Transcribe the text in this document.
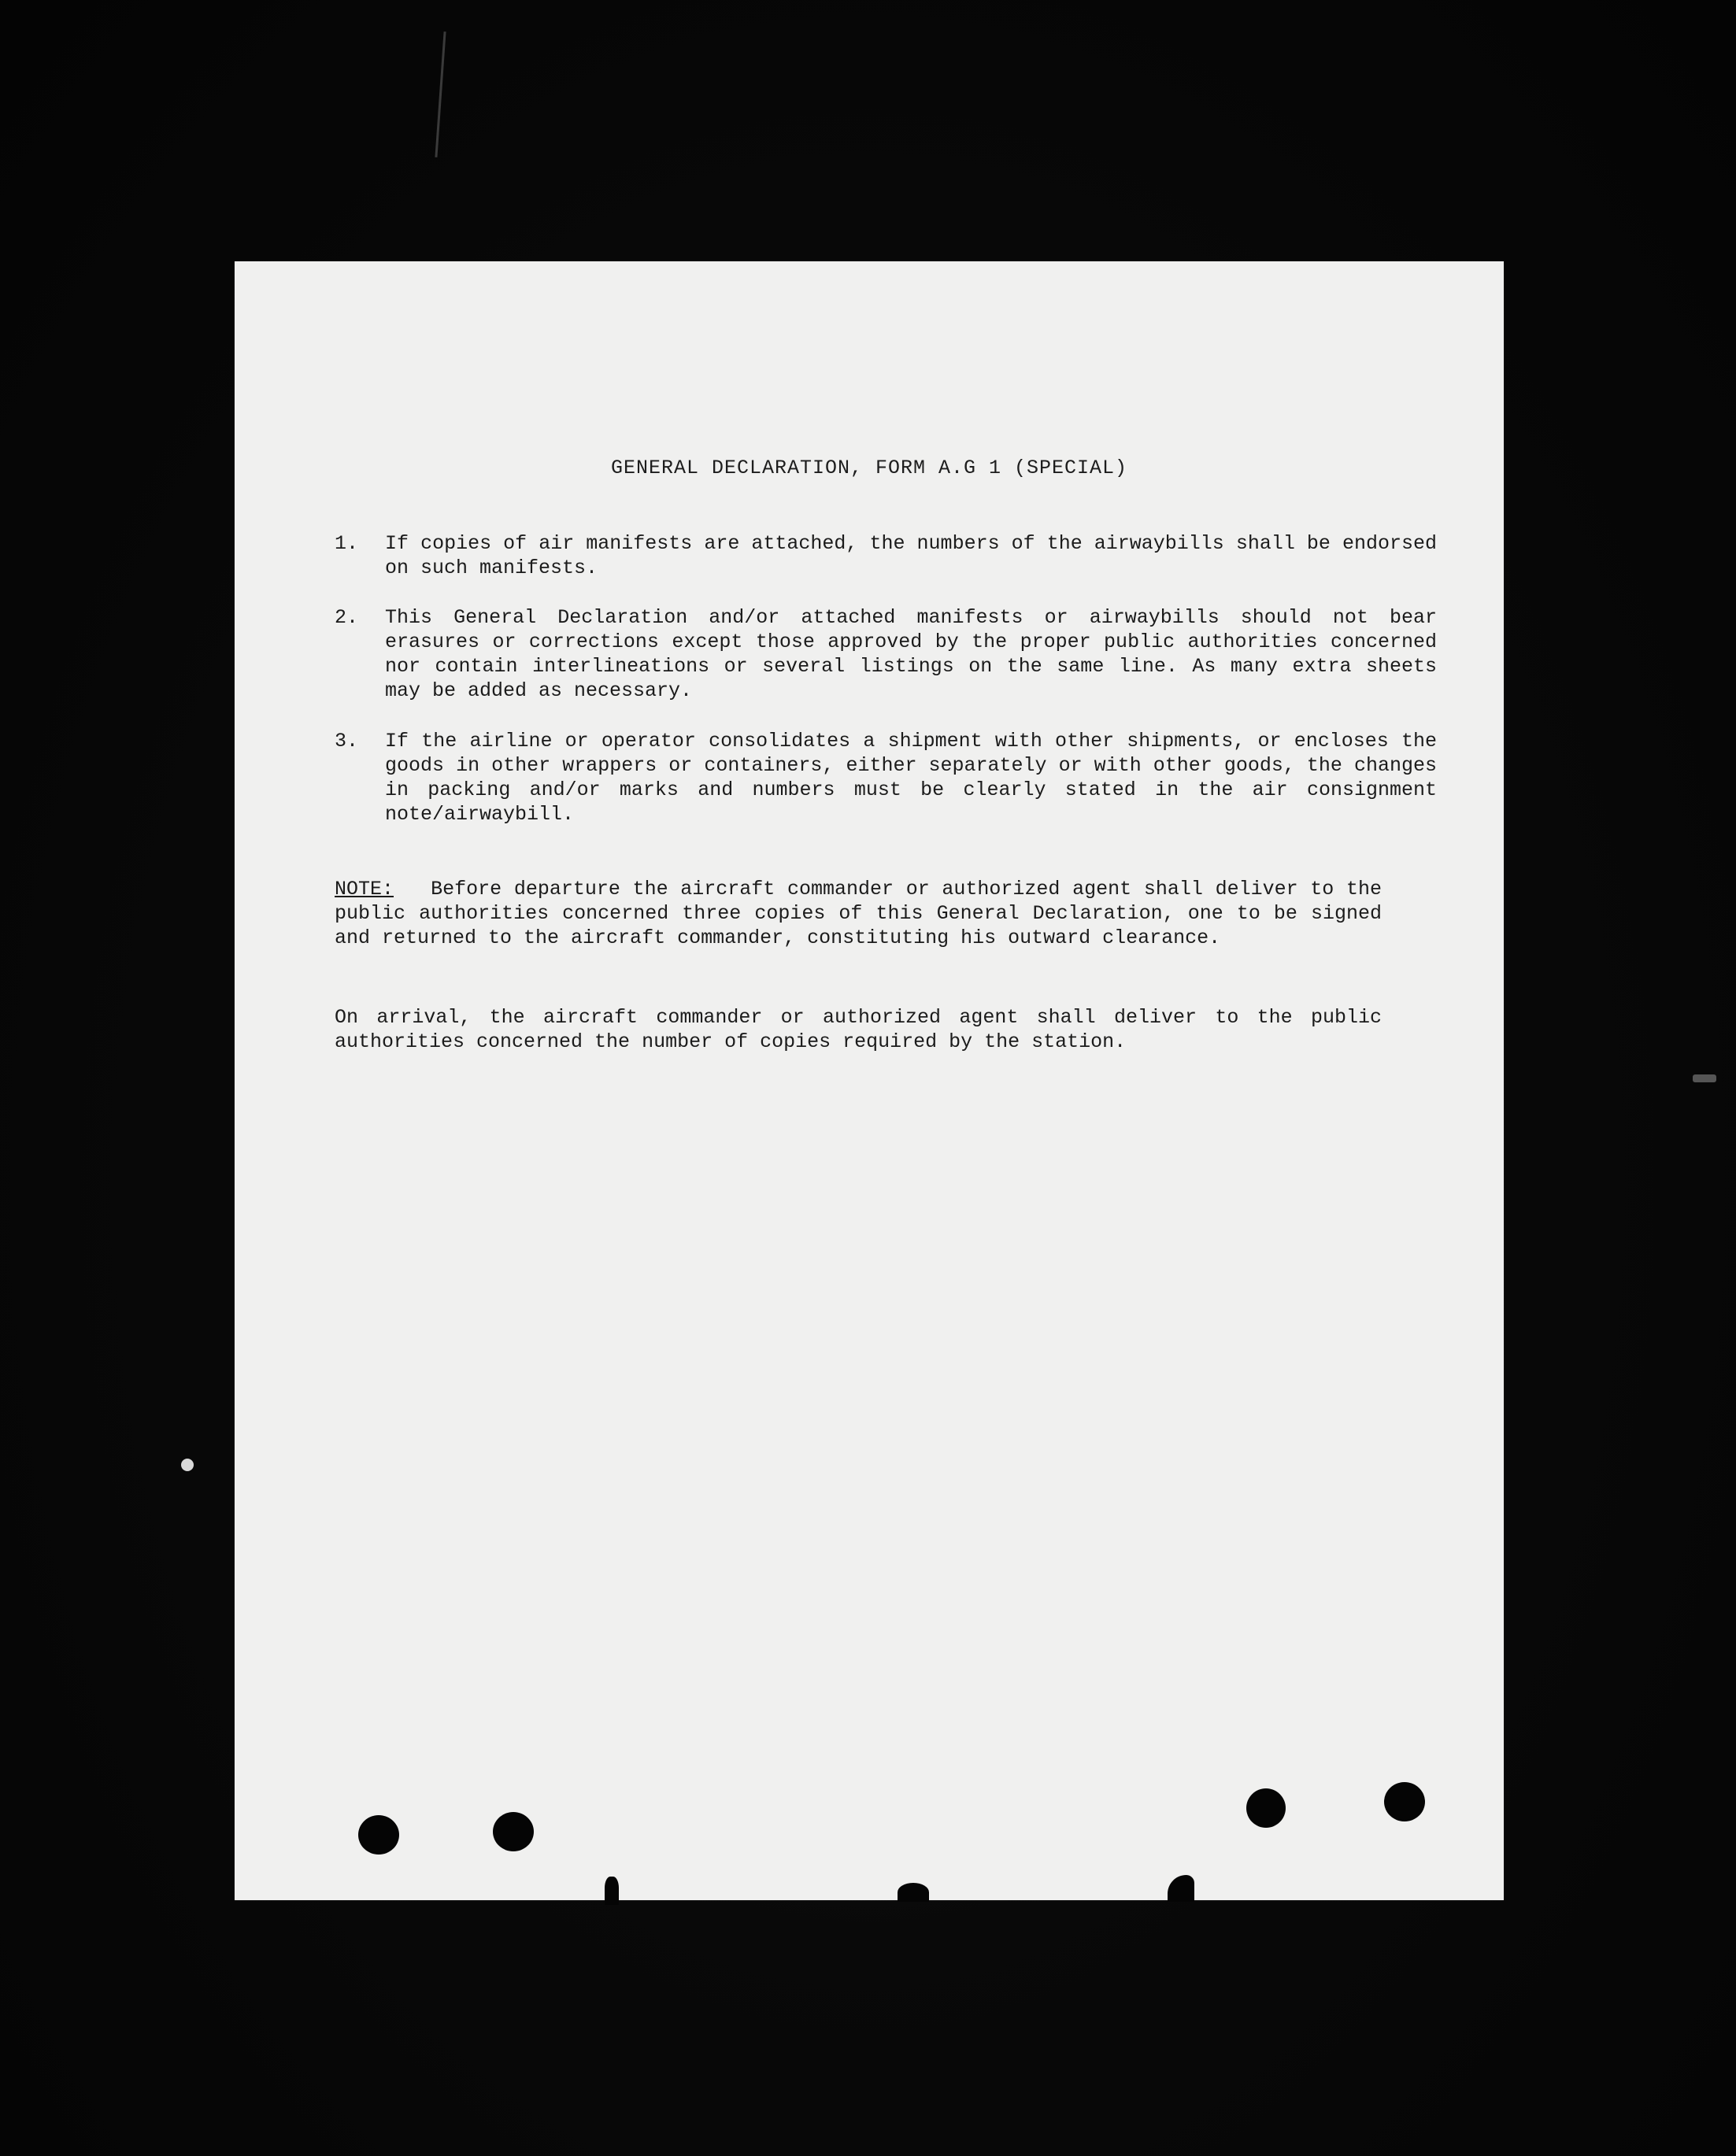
GENERAL DECLARATION, FORM A.G 1 (SPECIAL)
1.	If copies of air manifests are attached, the numbers of the airwaybills shall be endorsed on such manifests.
2.	This General Declaration and/or attached manifests or airwaybills should not bear erasures or corrections except those approved by the proper public authorities concerned nor contain interlineations or several listings on the same line. As many extra sheets may be added as necessary.
3.	If the airline or operator consolidates a shipment with other shipments, or encloses the goods in other wrappers or containers, either separately or with other goods, the changes in packing and/or marks and numbers must be clearly stated in the air consignment note/airwaybill.
NOTE: Before departure the aircraft commander or authorized agent shall deliver to the public authorities concerned three copies of this General Declaration, one to be signed and returned to the aircraft commander, constituting his outward clearance.
On arrival, the aircraft commander or authorized agent shall deliver to the public authorities concerned the number of copies required by the station.
